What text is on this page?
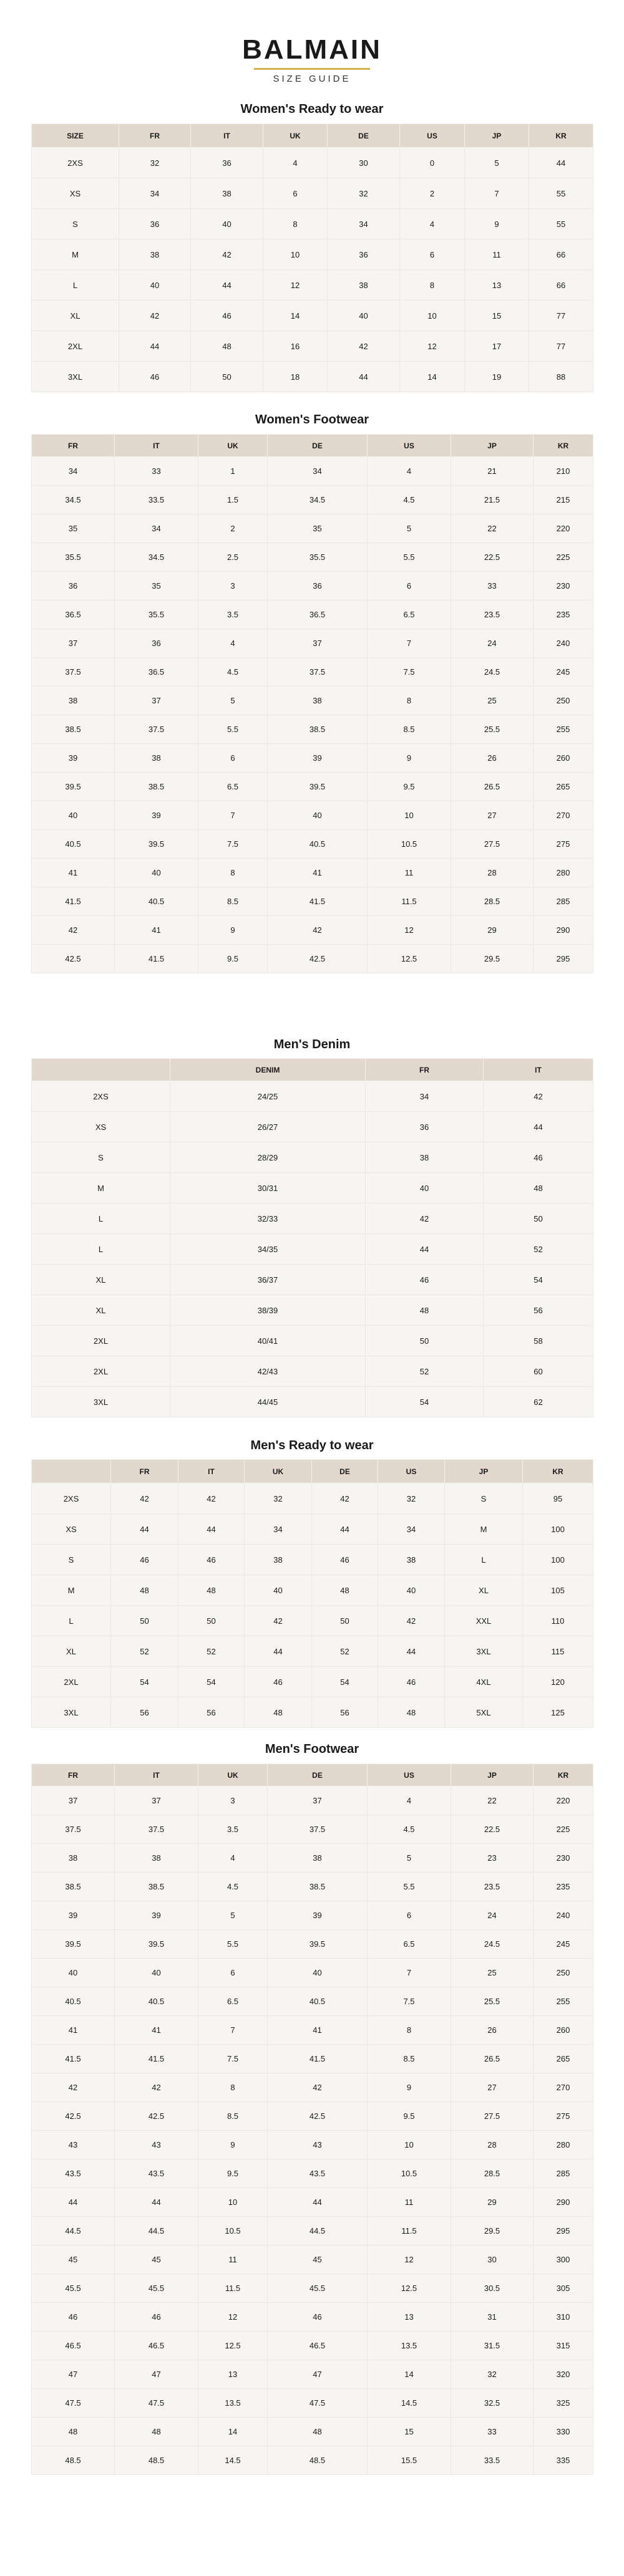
BALMAIN
SIZE GUIDE
Women's Ready to wear
SIZE	FR	IT	UK	DE	US	JP	KR
2XS	32	36	4	30	0	5	44
XS	34	38	6	32	2	7	55
S	36	40	8	34	4	9	55
M	38	42	10	36	6	11	66
L	40	44	12	38	8	13	66
XL	42	46	14	40	10	15	77
2XL	44	48	16	42	12	17	77
3XL	46	50	18	44	14	19	88
Women's Footwear
FR	IT	UK	DE	US	JP	KR
34	33	1	34	4	21	210
34.5	33.5	1.5	34.5	4.5	21.5	215
35	34	2	35	5	22	220
35.5	34.5	2.5	35.5	5.5	22.5	225
36	35	3	36	6	33	230
36.5	35.5	3.5	36.5	6.5	23.5	235
37	36	4	37	7	24	240
37.5	36.5	4.5	37.5	7.5	24.5	245
38	37	5	38	8	25	250
38.5	37.5	5.5	38.5	8.5	25.5	255
39	38	6	39	9	26	260
39.5	38.5	6.5	39.5	9.5	26.5	265
40	39	7	40	10	27	270
40.5	39.5	7.5	40.5	10.5	27.5	275
41	40	8	41	11	28	280
41.5	40.5	8.5	41.5	11.5	28.5	285
42	41	9	42	12	29	290
42.5	41.5	9.5	42.5	12.5	29.5	295
Men's Denim
	DENIM	FR	IT
2XS	24/25	34	42
XS	26/27	36	44
S	28/29	38	46
M	30/31	40	48
L	32/33	42	50
L	34/35	44	52
XL	36/37	46	54
XL	38/39	48	56
2XL	40/41	50	58
2XL	42/43	52	60
3XL	44/45	54	62
Men's Ready to wear
	FR	IT	UK	DE	US	JP	KR
2XS	42	42	32	42	32	S	95
XS	44	44	34	44	34	M	100
S	46	46	38	46	38	L	100
M	48	48	40	48	40	XL	105
L	50	50	42	50	42	XXL	110
XL	52	52	44	52	44	3XL	115
2XL	54	54	46	54	46	4XL	120
3XL	56	56	48	56	48	5XL	125
Men's Footwear
FR	IT	UK	DE	US	JP	KR
37	37	3	37	4	22	220
37.5	37.5	3.5	37.5	4.5	22.5	225
38	38	4	38	5	23	230
38.5	38.5	4.5	38.5	5.5	23.5	235
39	39	5	39	6	24	240
39.5	39.5	5.5	39.5	6.5	24.5	245
40	40	6	40	7	25	250
40.5	40.5	6.5	40.5	7.5	25.5	255
41	41	7	41	8	26	260
41.5	41.5	7.5	41.5	8.5	26.5	265
42	42	8	42	9	27	270
42.5	42.5	8.5	42.5	9.5	27.5	275
43	43	9	43	10	28	280
43.5	43.5	9.5	43.5	10.5	28.5	285
44	44	10	44	11	29	290
44.5	44.5	10.5	44.5	11.5	29.5	295
45	45	11	45	12	30	300
45.5	45.5	11.5	45.5	12.5	30.5	305
46	46	12	46	13	31	310
46.5	46.5	12.5	46.5	13.5	31.5	315
47	47	13	47	14	32	320
47.5	47.5	13.5	47.5	14.5	32.5	325
48	48	14	48	15	33	330
48.5	48.5	14.5	48.5	15.5	33.5	335
